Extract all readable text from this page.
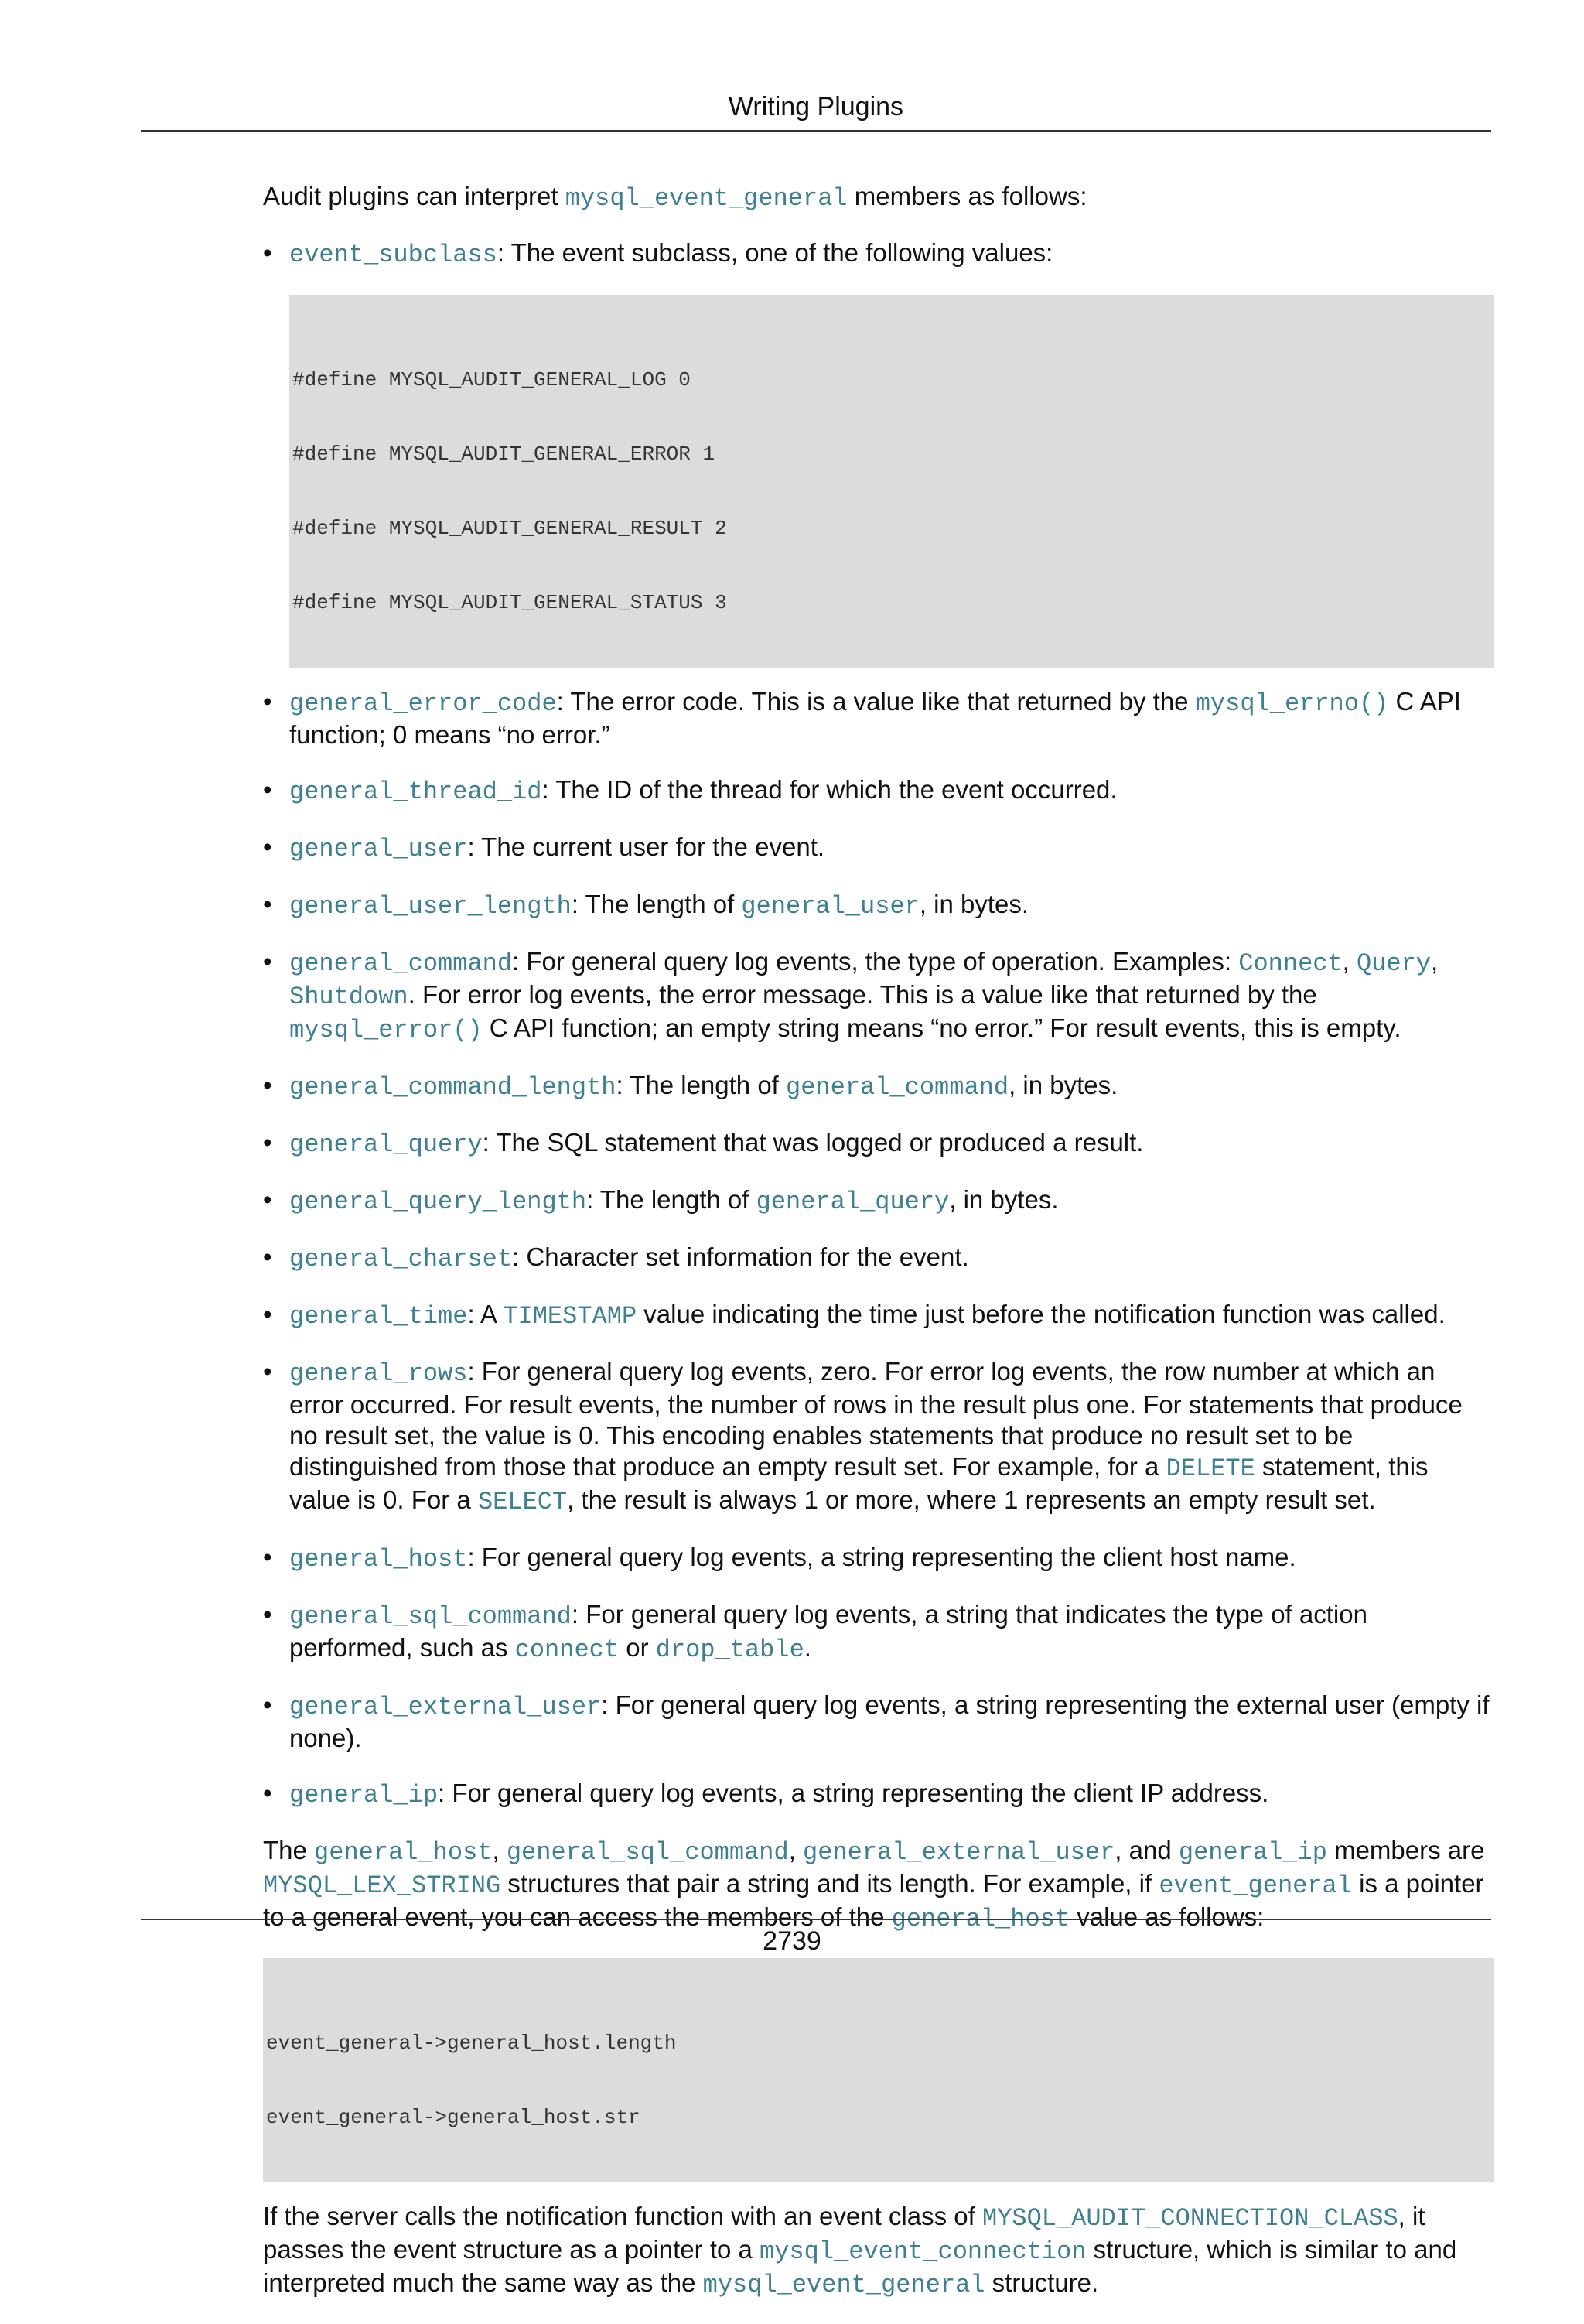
Writing Plugins

Audit plugins can interpret mysql_event_general members as follows:

• event_subclass: The event subclass, one of the following values:

#define MYSQL_AUDIT_GENERAL_LOG 0

#define MYSQL_AUDIT_GENERAL_ERROR 1

#define MYSQL_AUDIT_GENERAL_RESULT 2

#define MYSQL_AUDIT_GENERAL_STATUS 3

• general_error_code: The error code. This is a value like that returned by the mysql_errno() C API function; 0 means “no error.”
• general_thread_id: The ID of the thread for which the event occurred.
• general_user: The current user for the event.
• general_user_length: The length of general_user, in bytes.
• general_command: For general query log events, the type of operation. Examples: Connect, Query, Shutdown. For error log events, the error message. This is a value like that returned by the mysql_error() C API function; an empty string means “no error.” For result events, this is empty.
• general_command_length: The length of general_command, in bytes.
• general_query: The SQL statement that was logged or produced a result.
• general_query_length: The length of general_query, in bytes.
• general_charset: Character set information for the event.
• general_time: A TIMESTAMP value indicating the time just before the notification function was called.
• general_rows: For general query log events, zero. For error log events, the row number at which an error occurred. For result events, the number of rows in the result plus one. For statements that produce no result set, the value is 0. This encoding enables statements that produce no result set to be distinguished from those that produce an empty result set. For example, for a DELETE statement, this value is 0. For a SELECT, the result is always 1 or more, where 1 represents an empty result set.
• general_host: For general query log events, a string representing the client host name.
• general_sql_command: For general query log events, a string that indicates the type of action performed, such as connect or drop_table.
• general_external_user: For general query log events, a string representing the external user (empty if none).
• general_ip: For general query log events, a string representing the client IP address.

The general_host, general_sql_command, general_external_user, and general_ip members are MYSQL_LEX_STRING structures that pair a string and its length. For example, if event_general is a pointer to a general event, you can access the members of the general_host value as follows:

event_general->general_host.length

event_general->general_host.str

If the server calls the notification function with an event class of MYSQL_AUDIT_CONNECTION_CLASS, it passes the event structure as a pointer to a mysql_event_connection structure, which is similar to and interpreted much the same way as the mysql_event_general structure.

2739
